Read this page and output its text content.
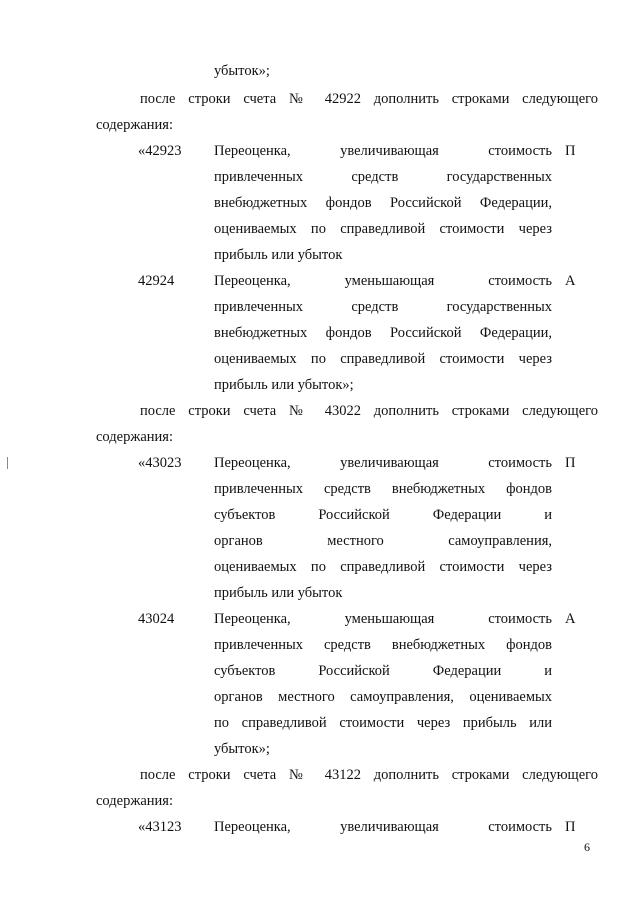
убыток»;
после строки счета № 42922 дополнить строками следующего
содержания:
«42923	Переоценка, увеличивающая стоимость П
привлеченных средств государственных
внебюджетных фондов Российской Федерации,
оцениваемых по справедливой стоимости через
прибыль или убыток
42924	Переоценка, уменьшающая стоимость А
привлеченных средств государственных
внебюджетных фондов Российской Федерации,
оцениваемых по справедливой стоимости через
прибыль или убыток»;
после строки счета № 43022 дополнить строками следующего
содержания:
«43023	Переоценка, увеличивающая стоимость П
привлеченных средств внебюджетных фондов
субъектов Российской Федерации и
органов местного самоуправления,
оцениваемых по справедливой стоимости через
прибыль или убыток
43024	Переоценка, уменьшающая стоимость А
привлеченных средств внебюджетных фондов
субъектов Российской Федерации и
органов местного самоуправления, оцениваемых
по справедливой стоимости через прибыль или
убыток»;
после строки счета № 43122 дополнить строками следующего
содержания:
«43123	Переоценка, увеличивающая стоимость П
6
